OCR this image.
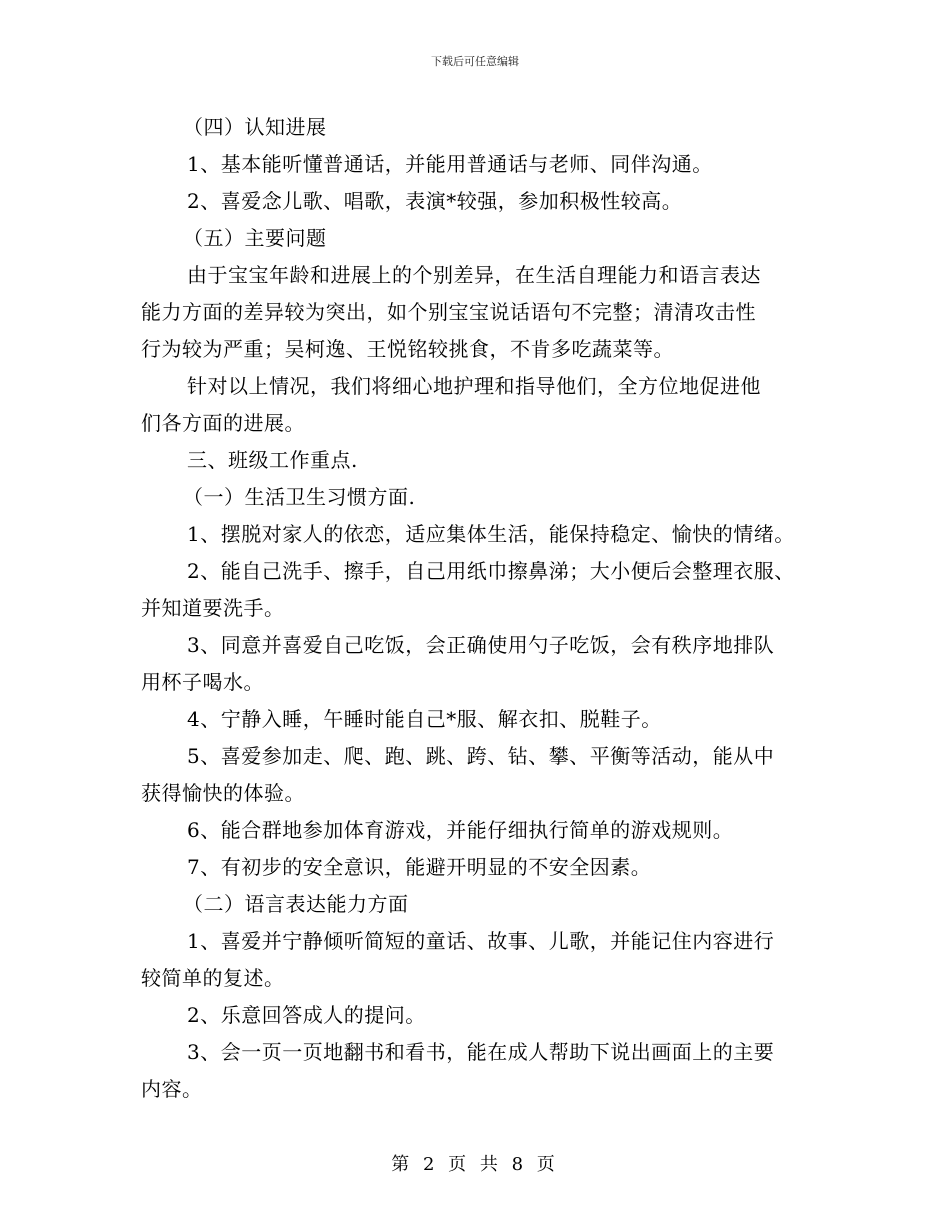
下载后可任意编辑
（四）认知进展
1、基本能听懂普通话，并能用普通话与老师、同伴沟通。
2、喜爱念儿歌、唱歌，表演*较强，参加积极性较高。
（五）主要问题
由于宝宝年龄和进展上的个别差异，在生活自理能力和语言表达
能力方面的差异较为突出，如个别宝宝说话语句不完整；清清攻击性
行为较为严重；吴柯逸、王悦铭较挑食，不肯多吃蔬菜等。
针对以上情况，我们将细心地护理和指导他们，全方位地促进他
们各方面的进展。
三、班级工作重点.
（一）生活卫生习惯方面.
1、摆脱对家人的依恋，适应集体生活，能保持稳定、愉快的情绪。
2、能自己洗手、擦手，自己用纸巾擦鼻涕；大小便后会整理衣服、
并知道要洗手。
3、同意并喜爱自己吃饭，会正确使用勺子吃饭，会有秩序地排队
用杯子喝水。
4、宁静入睡，午睡时能自己*服、解衣扣、脱鞋子。
5、喜爱参加走、爬、跑、跳、跨、钻、攀、平衡等活动，能从中
获得愉快的体验。
6、能合群地参加体育游戏，并能仔细执行简单的游戏规则。
7、有初步的安全意识，能避开明显的不安全因素。
（二）语言表达能力方面
1、喜爱并宁静倾听简短的童话、故事、儿歌，并能记住内容进行
较简单的复述。
2、乐意回答成人的提问。
3、会一页一页地翻书和看书，能在成人帮助下说出画面上的主要
内容。
第 2 页 共 8 页
